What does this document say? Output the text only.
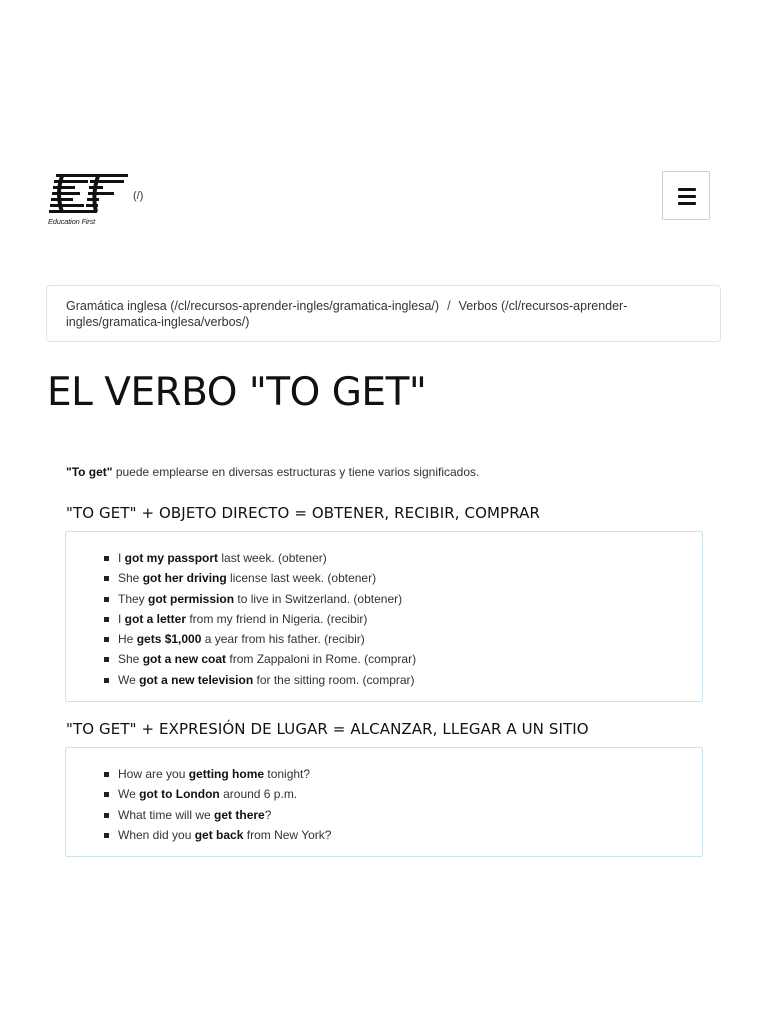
Education First
(/)
Gramática inglesa (/cl/recursos-aprender-ingles/gramatica-inglesa/) / Verbos (/cl/recursos-aprender-
ingles/gramatica-inglesa/verbos/)
EL VERBO "TO GET"
"To get" puede emplearse en diversas estructuras y tiene varios significados.
"TO GET" + OBJETO DIRECTO = OBTENER, RECIBIR, COMPRAR
I got my passport last week. (obtener)
She got her driving license last week. (obtener)
They got permission to live in Switzerland. (obtener)
I got a letter from my friend in Nigeria. (recibir)
He gets $1,000 a year from his father. (recibir)
She got a new coat from Zappaloni in Rome. (comprar)
We got a new television for the sitting room. (comprar)
"TO GET" + EXPRESIÓN DE LUGAR = ALCANZAR, LLEGAR A UN SITIO
How are you getting home tonight?
We got to London around 6 p.m.
What time will we get there?
When did you get back from New York?
